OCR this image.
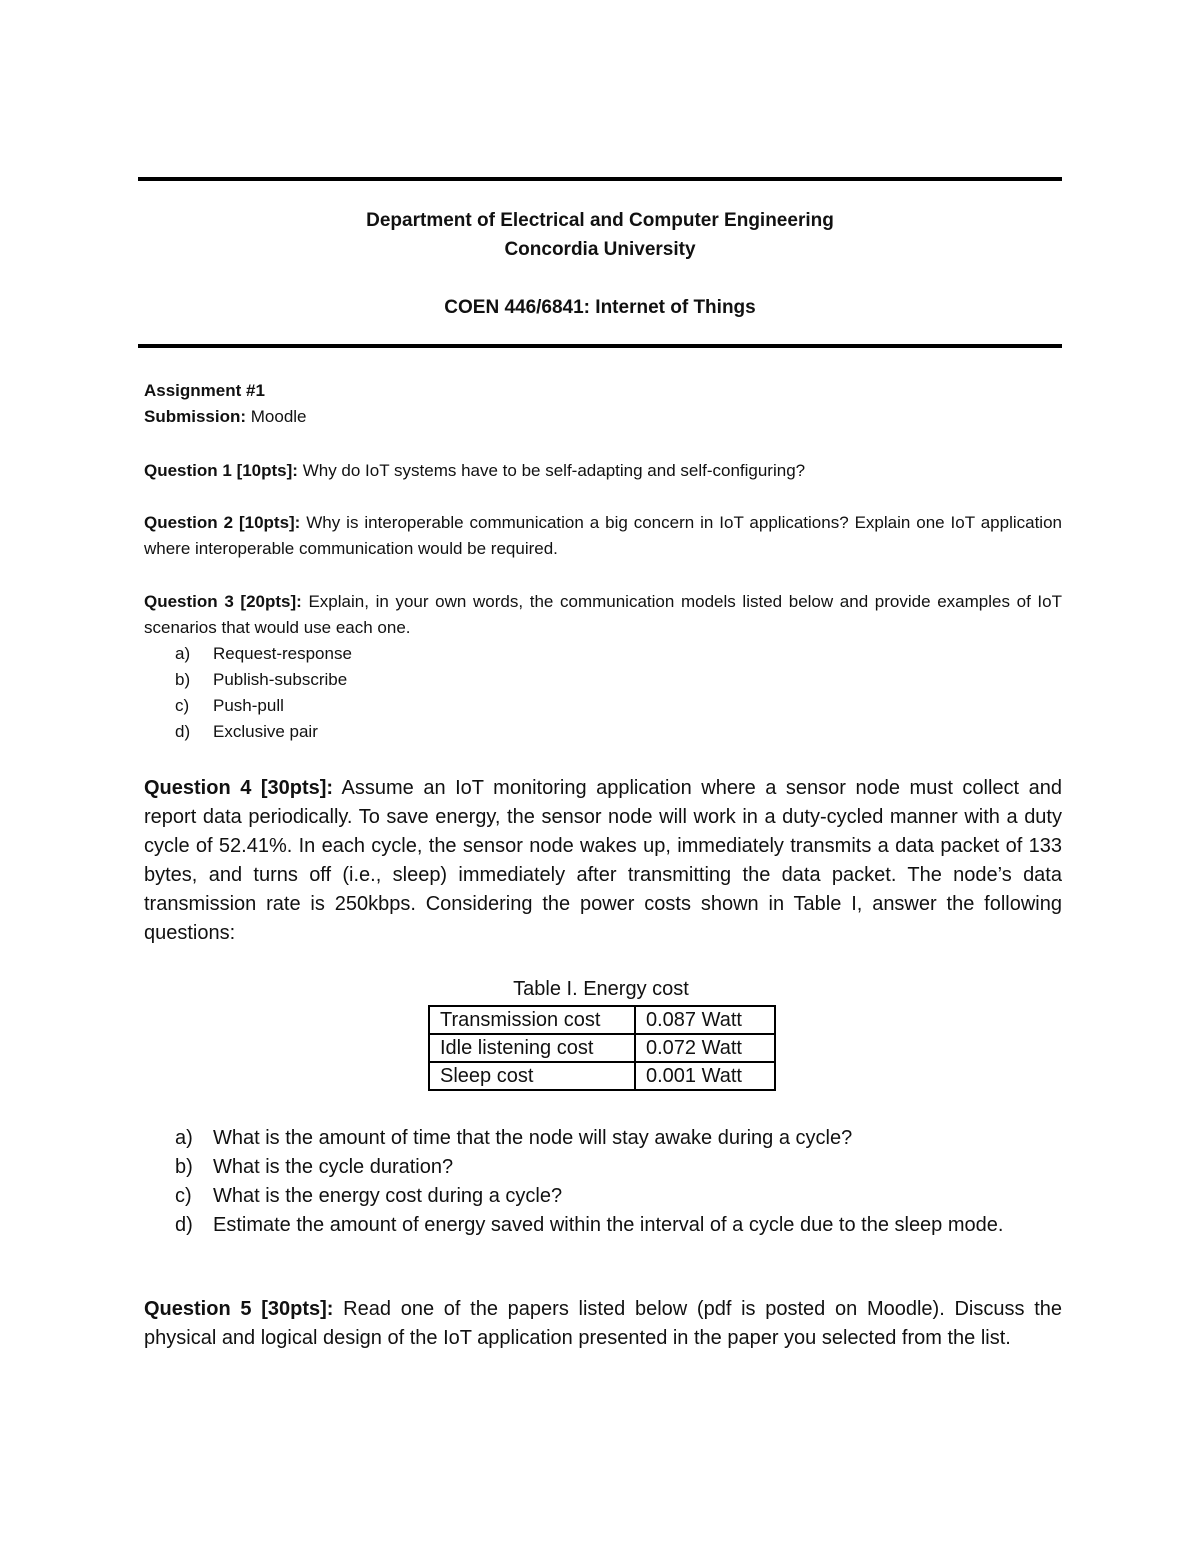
Department of Electrical and Computer Engineering
Concordia University
COEN 446/6841: Internet of Things
Assignment #1
Submission: Moodle
Question 1 [10pts]: Why do IoT systems have to be self-adapting and self-configuring?
Question 2 [10pts]: Why is interoperable communication a big concern in IoT applications? Explain one IoT application where interoperable communication would be required.
Question 3 [20pts]: Explain, in your own words, the communication models listed below and provide examples of IoT scenarios that would use each one.
a) Request-response
b) Publish-subscribe
c) Push-pull
d) Exclusive pair
Question 4 [30pts]: Assume an IoT monitoring application where a sensor node must collect and report data periodically. To save energy, the sensor node will work in a duty-cycled manner with a duty cycle of 52.41%. In each cycle, the sensor node wakes up, immediately transmits a data packet of 133 bytes, and turns off (i.e., sleep) immediately after transmitting the data packet. The node’s data transmission rate is 250kbps. Considering the power costs shown in Table I, answer the following questions:
Table I. Energy cost
Transmission cost	0.087 Watt
Idle listening cost	0.072 Watt
Sleep cost	0.001 Watt
a) What is the amount of time that the node will stay awake during a cycle?
b) What is the cycle duration?
c) What is the energy cost during a cycle?
d) Estimate the amount of energy saved within the interval of a cycle due to the sleep mode.
Question 5 [30pts]: Read one of the papers listed below (pdf is posted on Moodle). Discuss the physical and logical design of the IoT application presented in the paper you selected from the list.
